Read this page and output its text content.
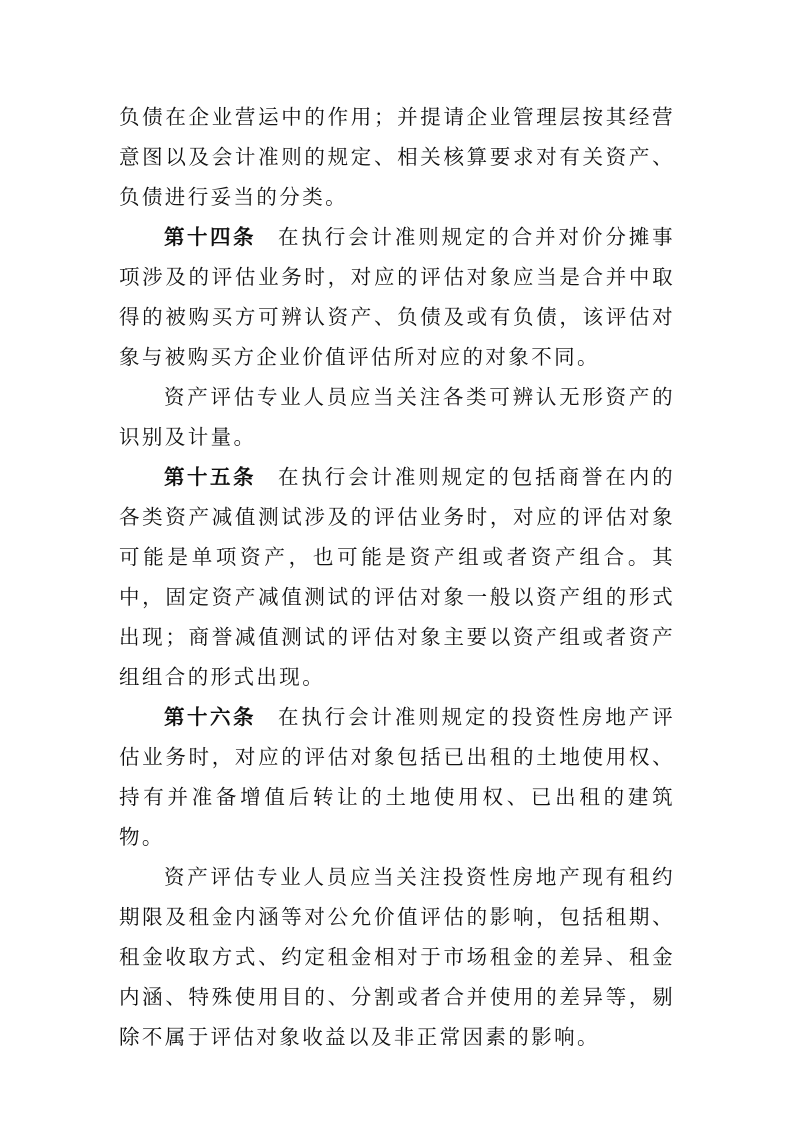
负债在企业营运中的作用；并提请企业管理层按其经营意图以及会计准则的规定、相关核算要求对有关资产、负债进行妥当的分类。

第十四条 在执行会计准则规定的合并对价分摊事项涉及的评估业务时，对应的评估对象应当是合并中取得的被购买方可辨认资产、负债及或有负债，该评估对象与被购买方企业价值评估所对应的对象不同。

资产评估专业人员应当关注各类可辨认无形资产的识别及计量。

第十五条 在执行会计准则规定的包括商誉在内的各类资产减值测试涉及的评估业务时，对应的评估对象可能是单项资产，也可能是资产组或者资产组合。其中，固定资产减值测试的评估对象一般以资产组的形式出现；商誉减值测试的评估对象主要以资产组或者资产组组合的形式出现。

第十六条 在执行会计准则规定的投资性房地产评估业务时，对应的评估对象包括已出租的土地使用权、持有并准备增值后转让的土地使用权、已出租的建筑物。

资产评估专业人员应当关注投资性房地产现有租约期限及租金内涵等对公允价值评估的影响，包括租期、租金收取方式、约定租金相对于市场租金的差异、租金内涵、特殊使用目的、分割或者合并使用的差异等，剔除不属于评估对象收益以及非正常因素的影响。
